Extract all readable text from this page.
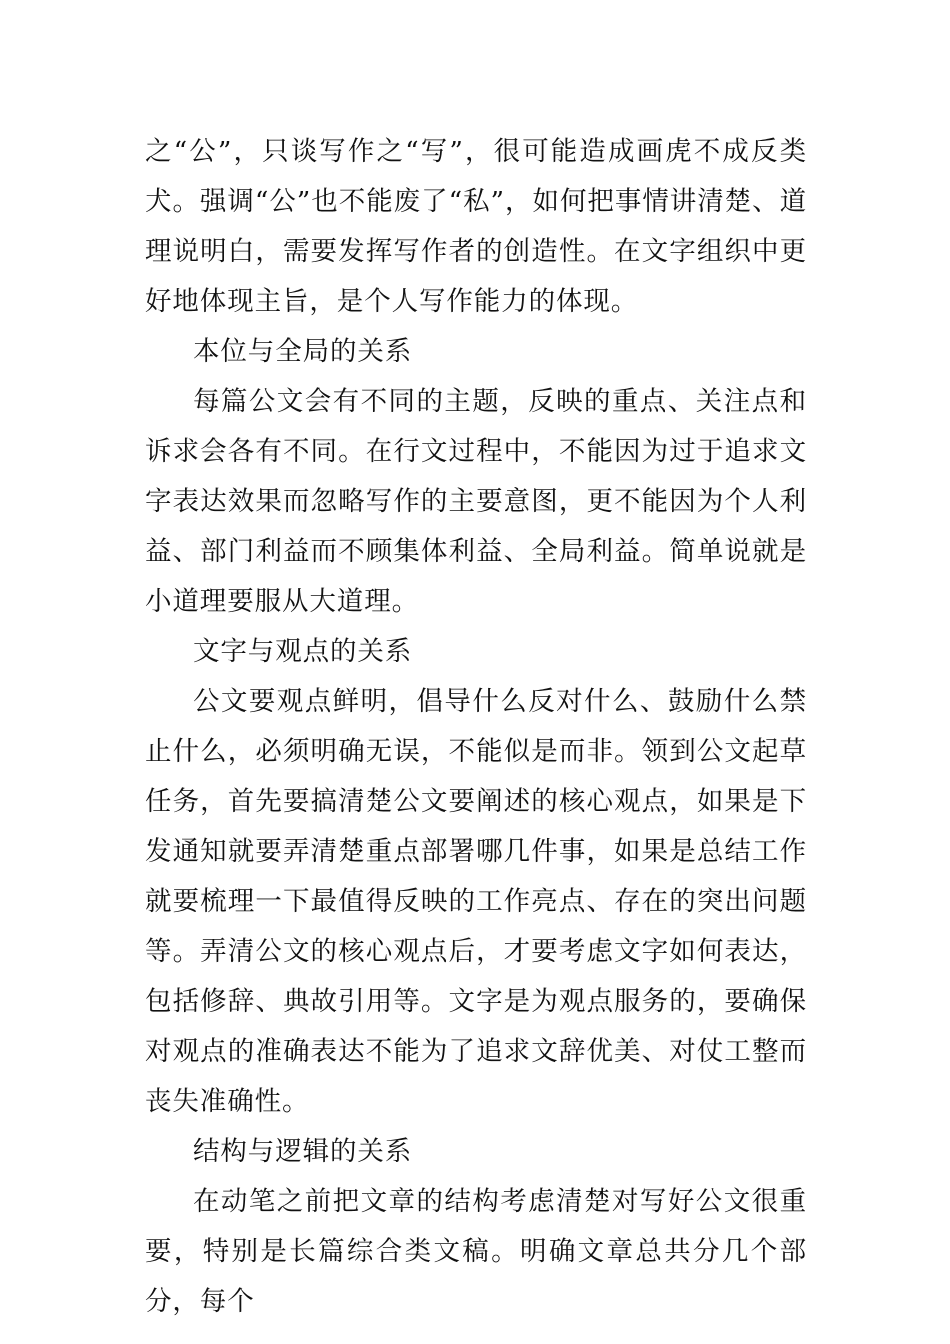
之“公”，只谈写作之“写”，很可能造成画虎不成反类犬。强调“公”也不能废了“私”，如何把事情讲清楚、道理说明白，需要发挥写作者的创造性。在文字组织中更好地体现主旨，是个人写作能力的体现。

本位与全局的关系

每篇公文会有不同的主题，反映的重点、关注点和诉求会各有不同。在行文过程中，不能因为过于追求文字表达效果而忽略写作的主要意图，更不能因为个人利益、部门利益而不顾集体利益、全局利益。简单说就是小道理要服从大道理。

文字与观点的关系

公文要观点鲜明，倡导什么反对什么、鼓励什么禁止什么，必须明确无误，不能似是而非。领到公文起草任务，首先要搞清楚公文要阐述的核心观点，如果是下发通知就要弄清楚重点部署哪几件事，如果是总结工作就要梳理一下最值得反映的工作亮点、存在的突出问题等。弄清公文的核心观点后，才要考虑文字如何表达，包括修辞、典故引用等。文字是为观点服务的，要确保对观点的准确表达不能为了追求文辞优美、对仗工整而丧失准确性。

结构与逻辑的关系

在动笔之前把文章的结构考虑清楚对写好公文很重要，特别是长篇综合类文稿。明确文章总共分几个部分，每个
